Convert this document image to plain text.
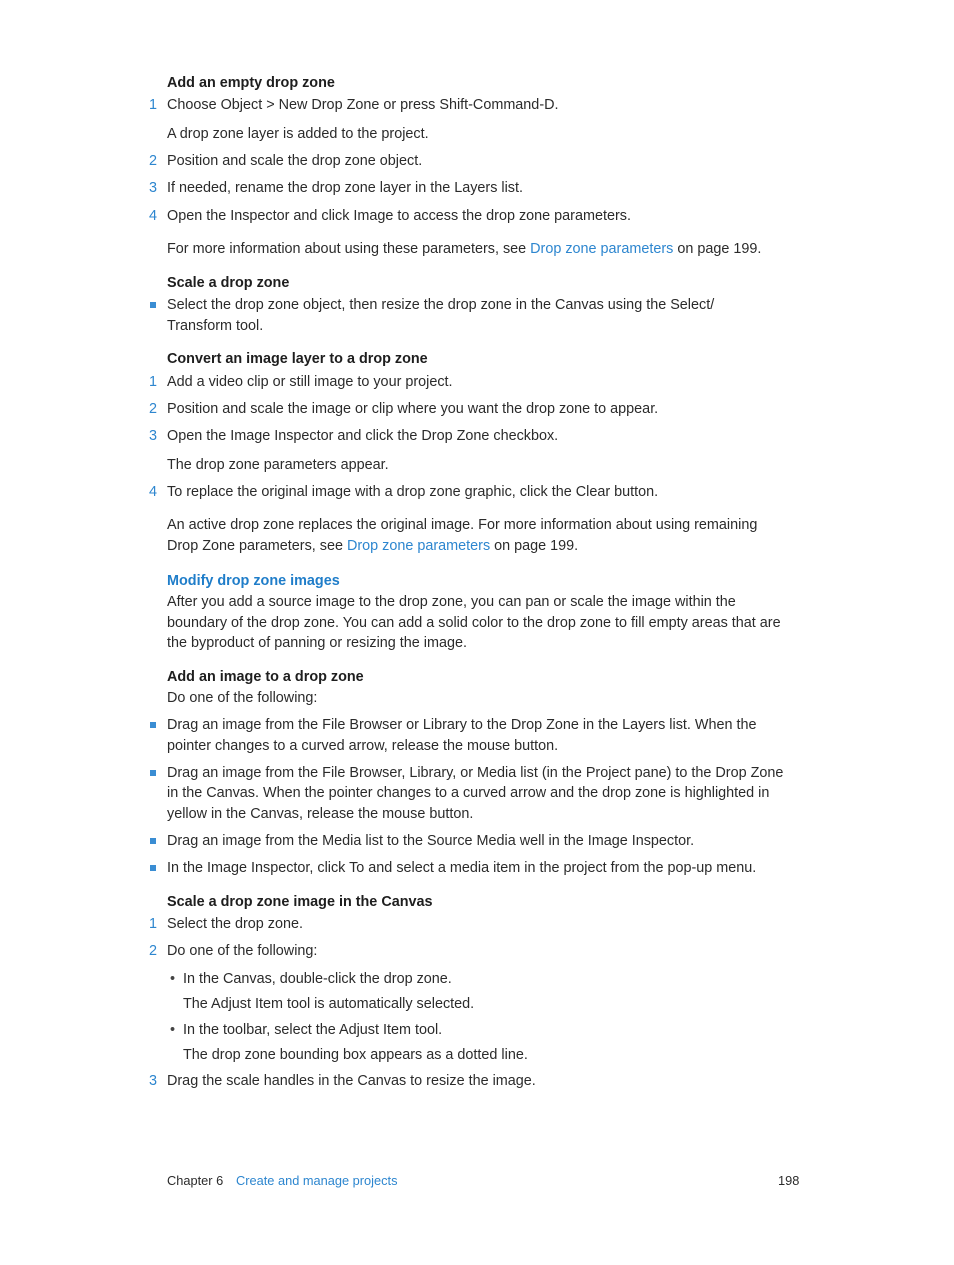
Add an empty drop zone
1 Choose Object > New Drop Zone or press Shift-Command-D.
A drop zone layer is added to the project.
2 Position and scale the drop zone object.
3 If needed, rename the drop zone layer in the Layers list.
4 Open the Inspector and click Image to access the drop zone parameters.
For more information about using these parameters, see Drop zone parameters on page 199.
Scale a drop zone
Select the drop zone object, then resize the drop zone in the Canvas using the Select/
Transform tool.
Convert an image layer to a drop zone
1 Add a video clip or still image to your project.
2 Position and scale the image or clip where you want the drop zone to appear.
3 Open the Image Inspector and click the Drop Zone checkbox.
The drop zone parameters appear.
4 To replace the original image with a drop zone graphic, click the Clear button.
An active drop zone replaces the original image. For more information about using remaining
Drop Zone parameters, see Drop zone parameters on page 199.
Modify drop zone images
After you add a source image to the drop zone, you can pan or scale the image within the
boundary of the drop zone. You can add a solid color to the drop zone to fill empty areas that are
the byproduct of panning or resizing the image.
Add an image to a drop zone
Do one of the following:
Drag an image from the File Browser or Library to the Drop Zone in the Layers list. When the
pointer changes to a curved arrow, release the mouse button.
Drag an image from the File Browser, Library, or Media list (in the Project pane) to the Drop Zone
in the Canvas. When the pointer changes to a curved arrow and the drop zone is highlighted in
yellow in the Canvas, release the mouse button.
Drag an image from the Media list to the Source Media well in the Image Inspector.
In the Image Inspector, click To and select a media item in the project from the pop-up menu.
Scale a drop zone image in the Canvas
1 Select the drop zone.
2 Do one of the following:
• In the Canvas, double-click the drop zone.
The Adjust Item tool is automatically selected.
• In the toolbar, select the Adjust Item tool.
The drop zone bounding box appears as a dotted line.
3 Drag the scale handles in the Canvas to resize the image.
Chapter 6 Create and manage projects	198
